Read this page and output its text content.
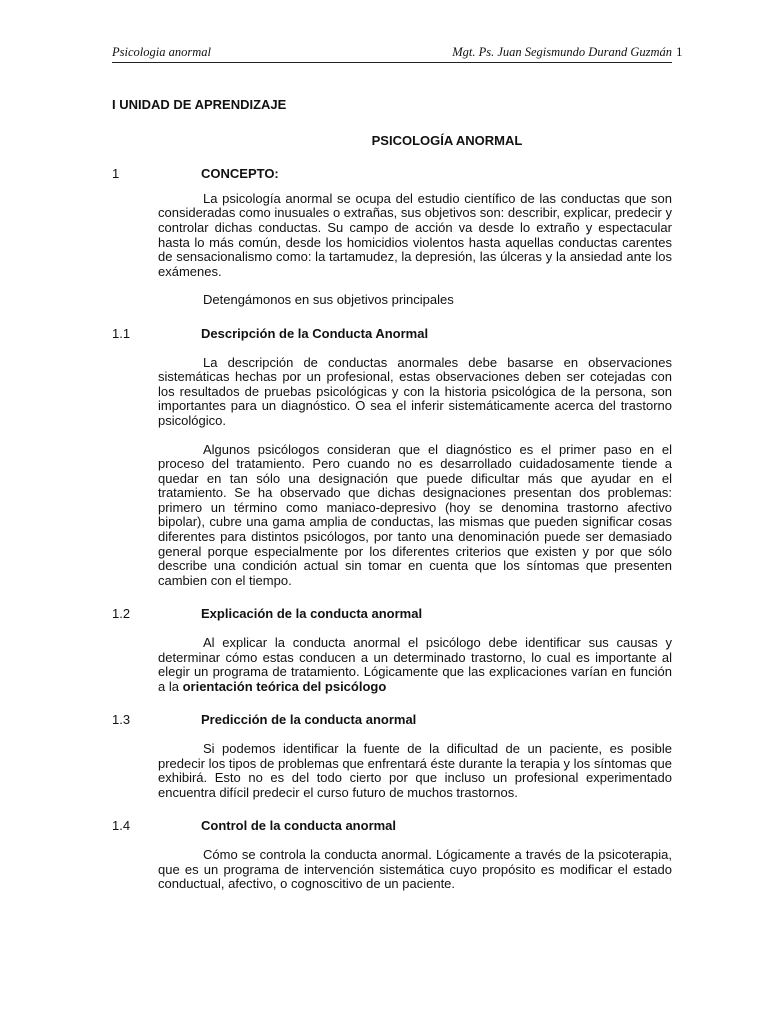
Psicologia anormal	Mgt. Ps. Juan Segismundo Durand Guzmán 1
I UNIDAD DE APRENDIZAJE
PSICOLOGÍA ANORMAL
1	CONCEPTO:

La psicología anormal se ocupa del estudio científico de las conductas que son consideradas como inusuales o extrañas, sus objetivos son: describir, explicar, predecir y controlar dichas conductas. Su campo de acción va desde lo extraño y espectacular hasta lo más común, desde los homicidios violentos hasta aquellas conductas carentes de sensacionalismo como: la tartamudez, la depresión, las úlceras y la ansiedad ante los exámenes.

Detengámonos en sus objetivos principales

1.1	Descripción de la Conducta Anormal

La descripción de conductas anormales debe basarse en observaciones sistemáticas hechas por un profesional, estas observaciones deben ser cotejadas con los resultados de pruebas psicológicas y con la historia psicológica de la persona, son importantes para un diagnóstico. O sea el inferir sistemáticamente acerca del trastorno psicológico.

Algunos psicólogos consideran que el diagnóstico es el primer paso en el proceso del tratamiento. Pero cuando no es desarrollado cuidadosamente tiende a quedar en tan sólo una designación que puede dificultar más que ayudar en el tratamiento. Se ha observado que dichas designaciones presentan dos problemas: primero un término como maniaco-depresivo (hoy se denomina trastorno afectivo bipolar), cubre una gama amplia de conductas, las mismas que pueden significar cosas diferentes para distintos psicólogos, por tanto una denominación puede ser demasiado general porque especialmente por los diferentes criterios que existen y por que sólo describe una condición actual sin tomar en cuenta que los síntomas que presenten cambien con el tiempo.

1.2	Explicación de la conducta anormal

Al explicar la conducta anormal el psicólogo debe identificar sus causas y determinar cómo estas conducen a un determinado trastorno, lo cual es importante al elegir un programa de tratamiento. Lógicamente que las explicaciones varían en función a la orientación teórica del psicólogo

1.3	Predicción de la conducta anormal

Si podemos identificar la fuente de la dificultad de un paciente, es posible predecir los tipos de problemas que enfrentará éste durante la terapia y los síntomas que exhibirá. Esto no es del todo cierto por que incluso un profesional experimentado encuentra difícil predecir el curso futuro de muchos trastornos.

1.4	Control de la conducta anormal

Cómo se controla la conducta anormal. Lógicamente a través de la psicoterapia, que es un programa de intervención sistemática cuyo propósito es modificar el estado conductual, afectivo, o cognoscitivo de un paciente.
